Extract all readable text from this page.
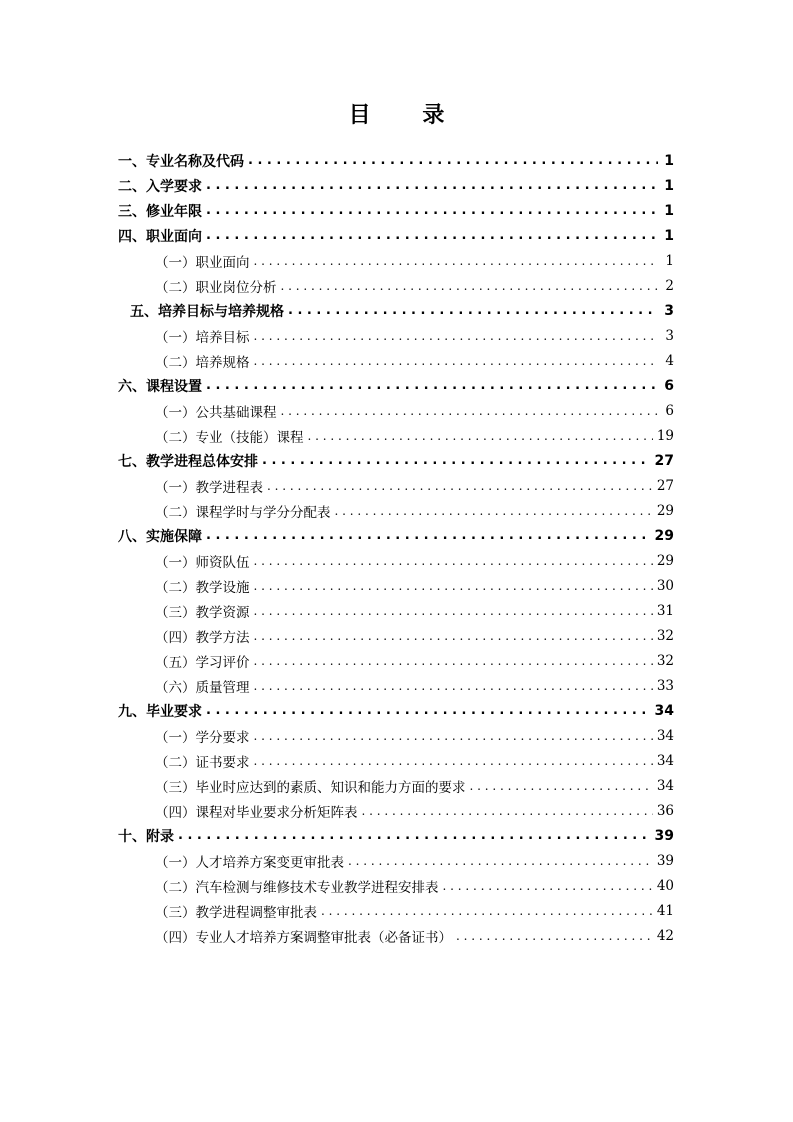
目 录
一、专业名称及代码 . . .	1
二、入学要求 . . .	1
三、修业年限 . . .	1
四、职业面向 . . .	1
（一）职业面向 . . .	1
（二）职业岗位分析 . . .	2
五、培养目标与培养规格 . . .	3
（一）培养目标 . . .	3
（二）培养规格 . . .	4
六、课程设置 . . .	6
（一）公共基础课程 . . .	6
（二）专业（技能）课程 . . .	19
七、教学进程总体安排 . . .	27
（一）教学进程表 . . .	27
（二）课程学时与学分分配表 . . .	29
八、实施保障 . . .	29
（一）师资队伍 . . .	29
（二）教学设施 . . .	30
（三）教学资源 . . .	31
（四）教学方法 . . .	32
（五）学习评价 . . .	32
（六）质量管理 . . .	33
九、毕业要求 . . .	34
（一）学分要求 . . .	34
（二）证书要求 . . .	34
（三）毕业时应达到的素质、知识和能力方面的要求 . . .	34
（四）课程对毕业要求分析矩阵表 . . .	36
十、附录 . . .	39
（一）人才培养方案变更审批表 . . .	39
（二）汽车检测与维修技术专业教学进程安排表 . . .	40
（三）教学进程调整审批表 . . .	41
（四）专业人才培养方案调整审批表（必备证书） . . .	42
